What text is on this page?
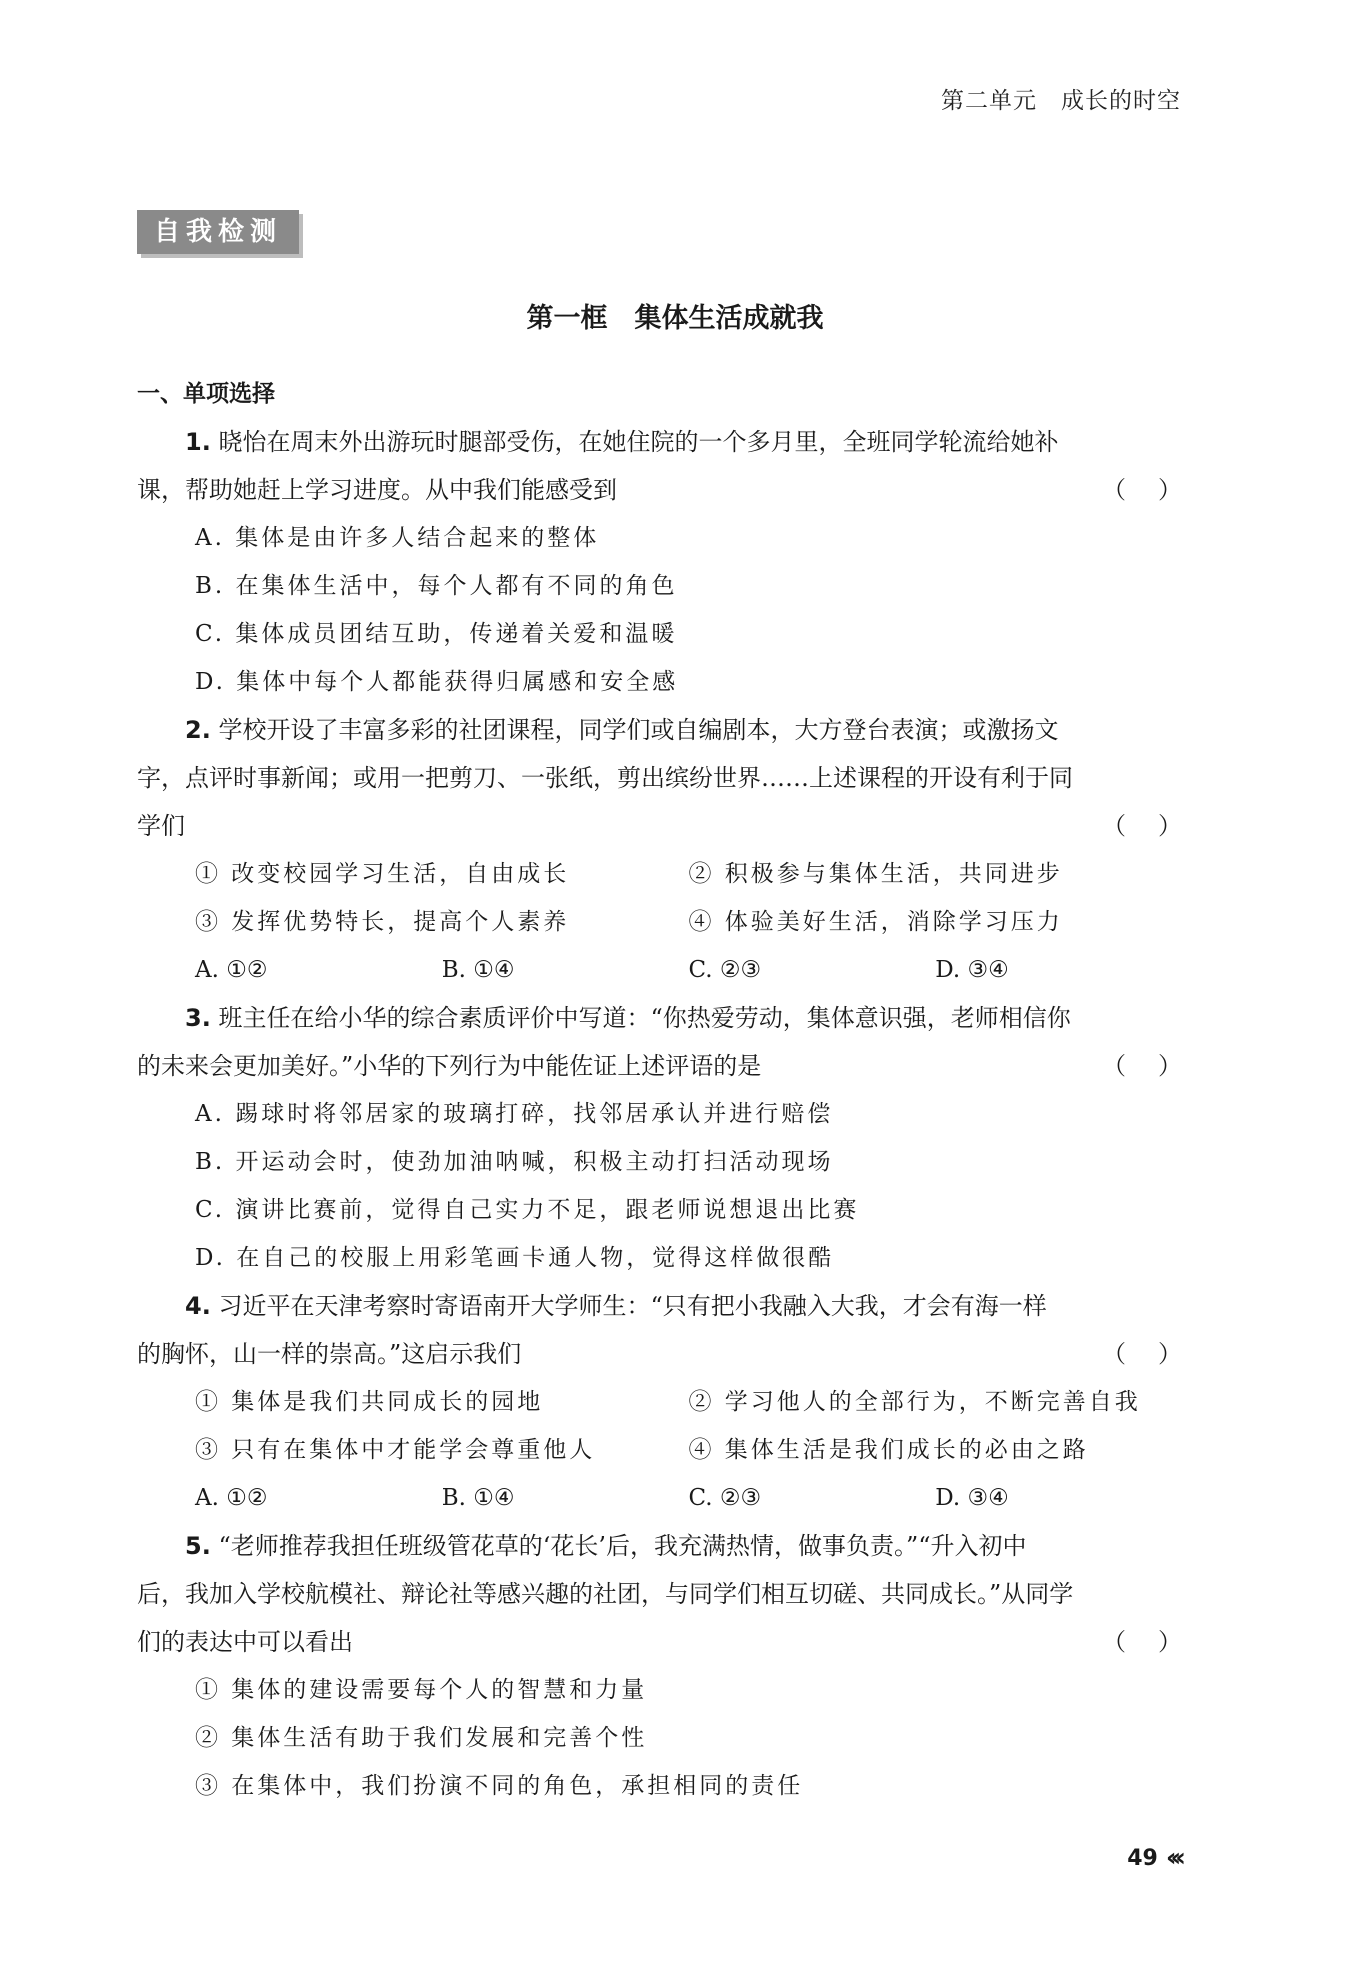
第二单元　成长的时空
自我检测
第一框　集体生活成就我
一、单项选择
1. 晓怡在周末外出游玩时腿部受伤，在她住院的一个多月里，全班同学轮流给她补
课，帮助她赶上学习进度。从中我们能感受到	（ ）
A. 集体是由许多人结合起来的整体
B. 在集体生活中，每个人都有不同的角色
C. 集体成员团结互助，传递着关爱和温暖
D. 集体中每个人都能获得归属感和安全感
2. 学校开设了丰富多彩的社团课程，同学们或自编剧本，大方登台表演；或激扬文
字，点评时事新闻；或用一把剪刀、一张纸，剪出缤纷世界……上述课程的开设有利于同
学们	（ ）
① 改变校园学习生活，自由成长	② 积极参与集体生活，共同进步
③ 发挥优势特长，提高个人素养	④ 体验美好生活，消除学习压力
A. ①②	B. ①④	C. ②③	D. ③④
3. 班主任在给小华的综合素质评价中写道：“你热爱劳动，集体意识强，老师相信你
的未来会更加美好。”小华的下列行为中能佐证上述评语的是	（ ）
A. 踢球时将邻居家的玻璃打碎，找邻居承认并进行赔偿
B. 开运动会时，使劲加油呐喊，积极主动打扫活动现场
C. 演讲比赛前，觉得自己实力不足，跟老师说想退出比赛
D. 在自己的校服上用彩笔画卡通人物，觉得这样做很酷
4. 习近平在天津考察时寄语南开大学师生：“只有把小我融入大我，才会有海一样
的胸怀，山一样的崇高。”这启示我们	（ ）
① 集体是我们共同成长的园地	② 学习他人的全部行为，不断完善自我
③ 只有在集体中才能学会尊重他人	④ 集体生活是我们成长的必由之路
A. ①②	B. ①④	C. ②③	D. ③④
5. “老师推荐我担任班级管花草的‘花长’后，我充满热情，做事负责。”“升入初中
后，我加入学校航模社、辩论社等感兴趣的社团，与同学们相互切磋、共同成长。”从同学
们的表达中可以看出	（ ）
① 集体的建设需要每个人的智慧和力量
② 集体生活有助于我们发展和完善个性
③ 在集体中，我们扮演不同的角色，承担相同的责任
49 ‹‹‹
